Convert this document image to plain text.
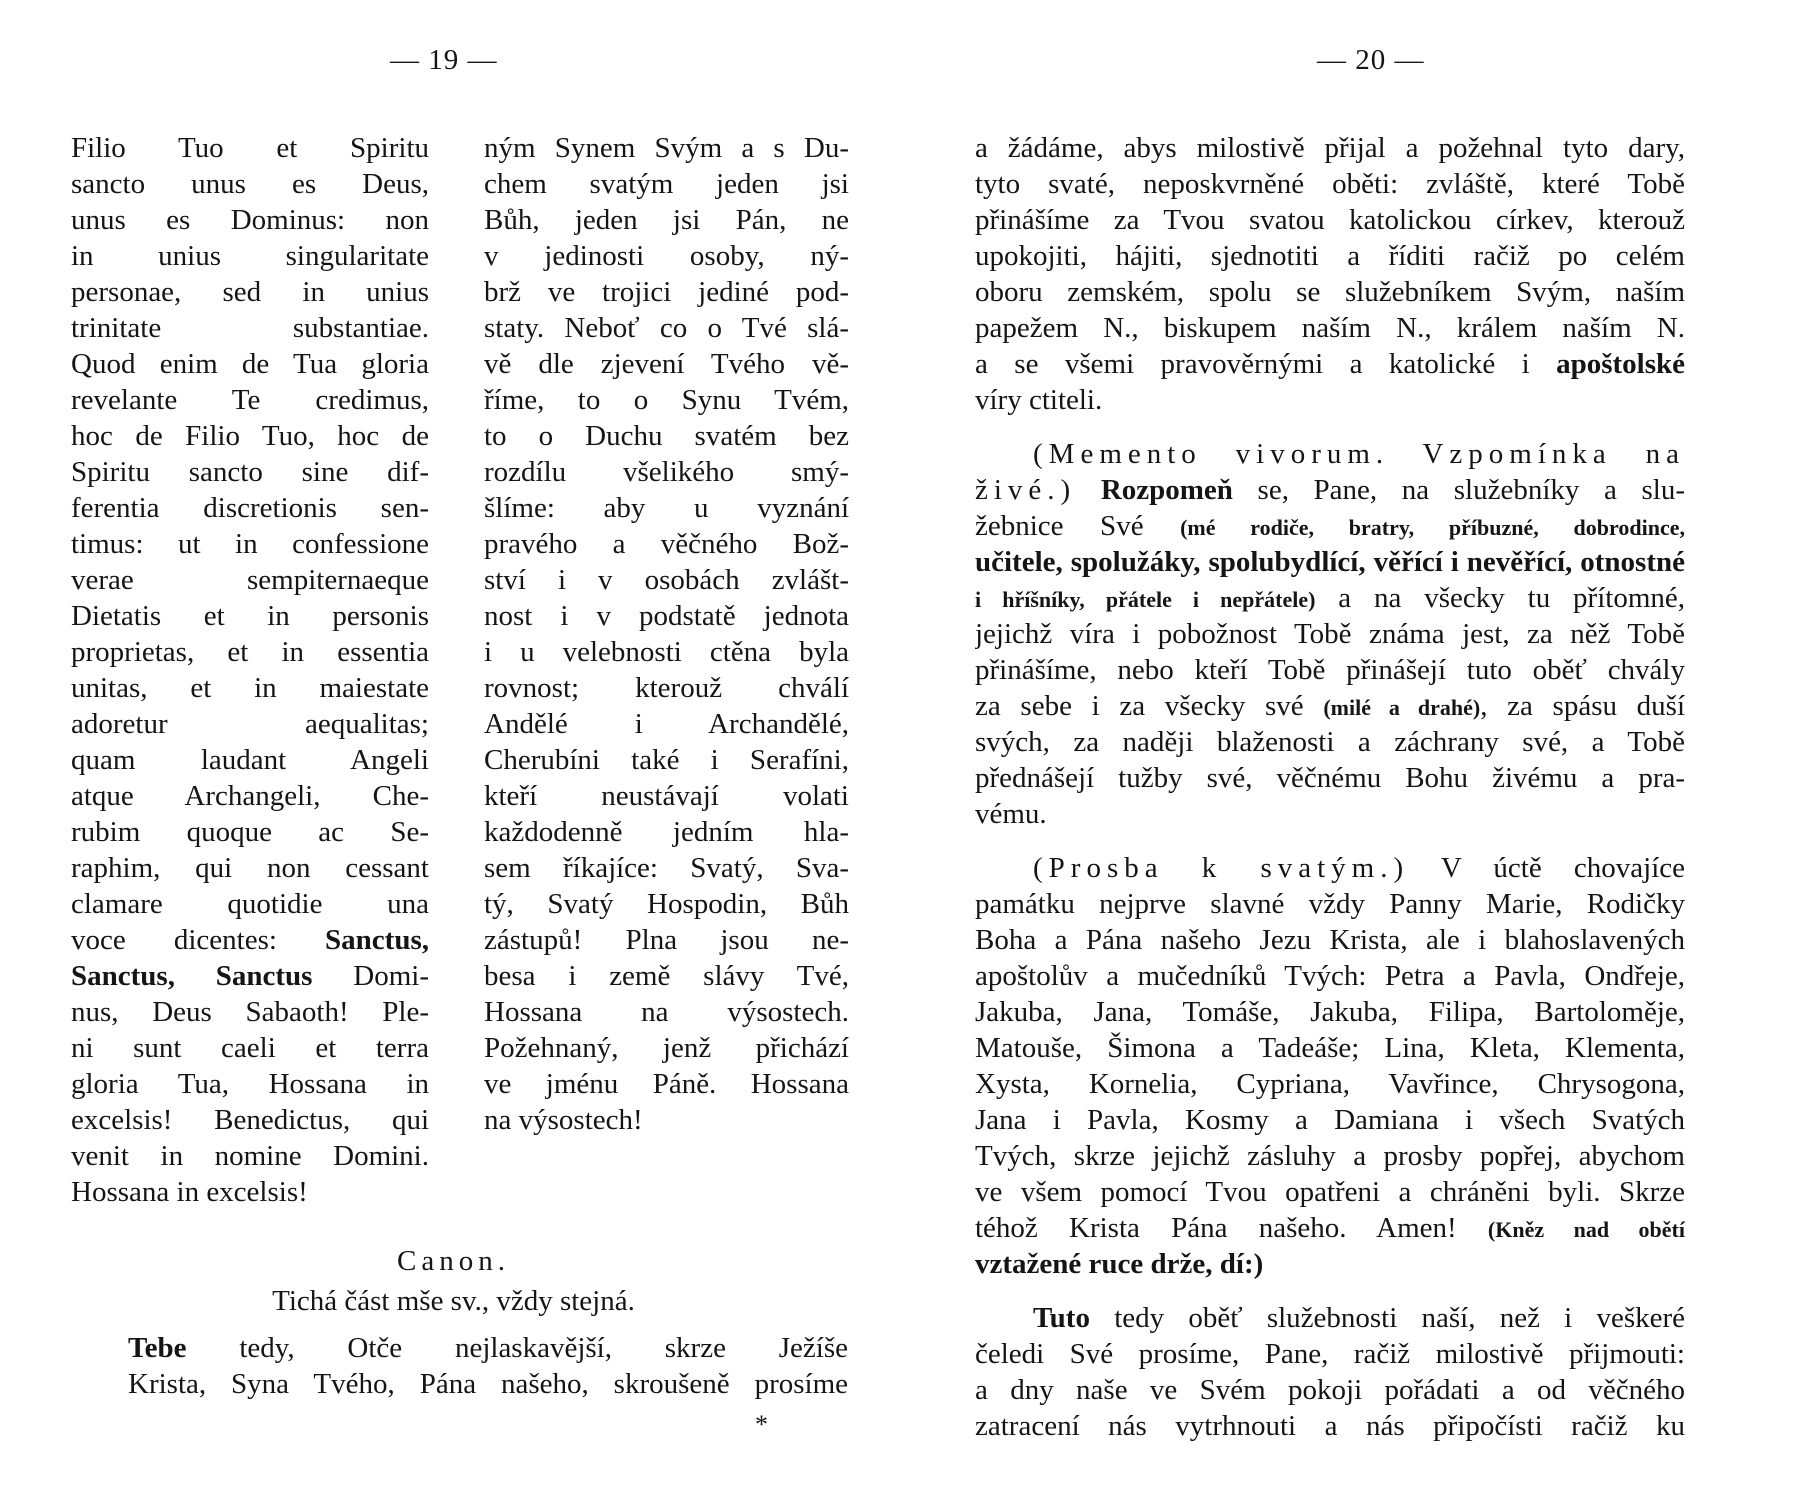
— 19 —
Filio Tuo et Spiritu
sancto unus es Deus,
unus es Dominus: non
in unius singularitate
personae, sed in unius
trinitate substantiae.
Quod enim de Tua gloria
revelante Te credimus,
hoc de Filio Tuo, hoc de
Spiritu sancto sine dif-
ferentia discretionis sen-
timus: ut in confessione
verae sempiternaeque
Dietatis et in personis
proprietas, et in essentia
unitas, et in maiestate
adoretur aequalitas;
quam laudant Angeli
atque Archangeli, Che-
rubim quoque ac Se-
raphim, qui non cessant
clamare quotidie una
voce dicentes: Sanctus,
Sanctus, Sanctus Domi-
nus, Deus Sabaoth! Ple-
ni sunt caeli et terra
gloria Tua, Hossana in
excelsis! Benedictus, qui
venit in nomine Domini.
Hossana in excelsis!
ným Synem Svým a s Du-
chem svatým jeden jsi
Bůh, jeden jsi Pán, ne
v jedinosti osoby, ný-
brž ve trojici jediné pod-
staty. Neboť co o Tvé slá-
vě dle zjevení Tvého vě-
říme, to o Synu Tvém,
to o Duchu svatém bez
rozdílu všelikého smý-
šlíme: aby u vyznání
pravého a věčného Bož-
ství i v osobách zvlášt-
nost i v podstatě jednota
i u velebnosti ctěna byla
rovnost; kterouž chválí
Andělé i Archandělé,
Cherubíni také i Serafíni,
kteří neustávají volati
každodenně jedním hla-
sem říkajíce: Svatý, Sva-
tý, Svatý Hospodin, Bůh
zástupů! Plna jsou ne-
besa i země slávy Tvé,
Hossana na výsostech.
Požehnaný, jenž přichází
ve jménu Páně. Hossana
na výsostech!
Canon.
Tichá část mše sv., vždy stejná.
Tebe tedy, Otče nejlaskavější, skrze Ježíše
Krista, Syna Tvého, Pána našeho, skroušeně prosíme
*
— 20 —
a žádáme, abys milostivě přijal a požehnal tyto dary,
tyto svaté, neposkvrněné oběti: zvláště, které Tobě
přinášíme za Tvou svatou katolickou církev, kterouž
upokojiti, hájiti, sjednotiti a říditi račiž po celém
oboru zemském, spolu se služebníkem Svým, naším
papežem N., biskupem naším N., králem naším N.
a se všemi pravověrnými a katolické i apoštolské
víry ctiteli.
(Memento vivorum. Vzpomínka na
živé.) Rozpomeň se, Pane, na služebníky a slu-
žebnice Své (mé rodiče, bratry, příbuzné, dobrodince,
učitele, spolužáky, spolubydlící, věřící i nevěřící, otnostné
i hříšníky, přátele i nepřátele) a na všecky tu přítomné,
jejichž víra i pobožnost Tobě známa jest, za něž Tobě
přinášíme, nebo kteří Tobě přinášejí tuto oběť chvály
za sebe i za všecky své (milé a drahé), za spásu duší
svých, za naději blaženosti a záchrany své, a Tobě
přednášejí tužby své, věčnému Bohu živému a pra-
vému.
(Prosba k svatým.) V úctě chovajíce
památku nejprve slavné vždy Panny Marie, Rodičky
Boha a Pána našeho Jezu Krista, ale i blahoslavených
apoštolův a mučedníků Tvých: Petra a Pavla, Ondřeje,
Jakuba, Jana, Tomáše, Jakuba, Filipa, Bartoloměje,
Matouše, Šimona a Tadeáše; Lina, Kleta, Klementa,
Xysta, Kornelia, Cypriana, Vavřince, Chrysogona,
Jana i Pavla, Kosmy a Damiana i všech Svatých
Tvých, skrze jejichž zásluhy a prosby popřej, abychom
ve všem pomocí Tvou opatřeni a chráněni byli. Skrze
téhož Krista Pána našeho. Amen! (Kněz nad obětí
vztažené ruce drže, dí:)
Tuto tedy oběť služebnosti naší, než i veškeré
čeledi Své prosíme, Pane, račiž milostivě přijmouti:
a dny naše ve Svém pokoji pořádati a od věčného
zatracení nás vytrhnouti a nás připočísti račiž ku
